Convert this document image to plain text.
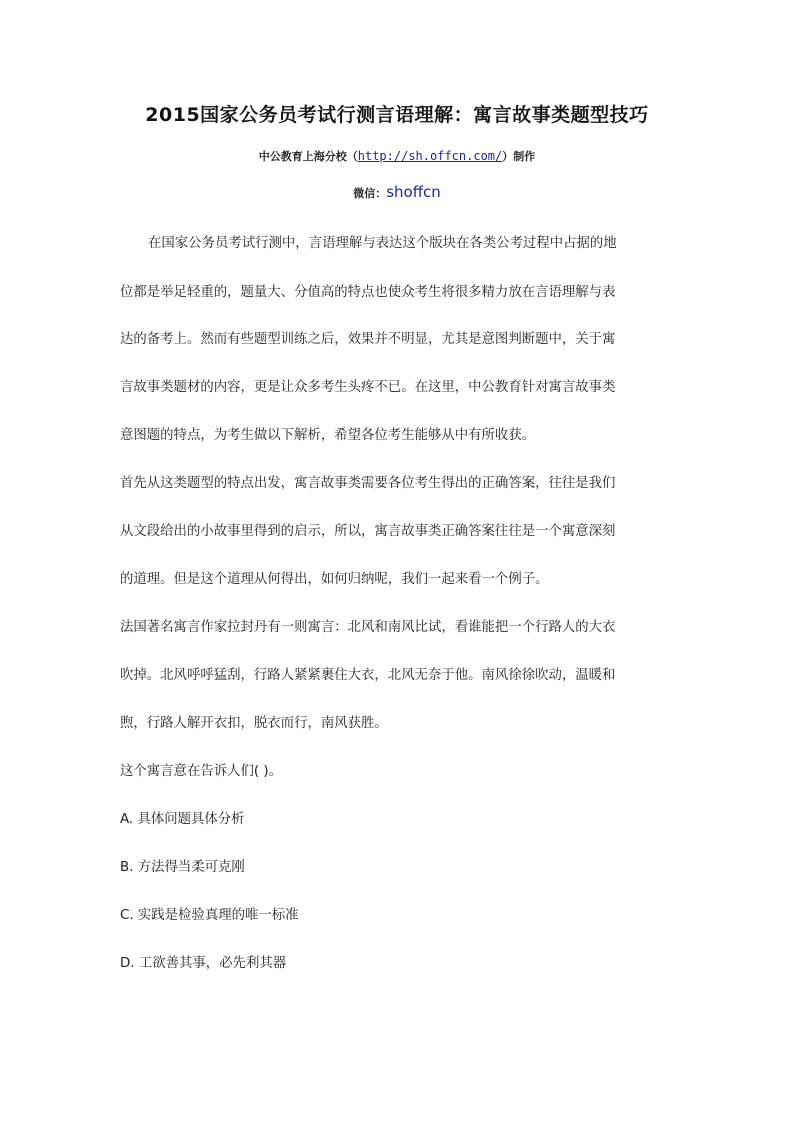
2015国家公务员考试行测言语理解：寓言故事类题型技巧
中公教育上海分校（http://sh.offcn.com/）制作
微信：shoffcn
在国家公务员考试行测中，言语理解与表达这个版块在各类公考过程中占据的地
位都是举足轻重的，题量大、分值高的特点也使众考生将很多精力放在言语理解与表
达的备考上。然而有些题型训练之后，效果并不明显，尤其是意图判断题中，关于寓
言故事类题材的内容，更是让众多考生头疼不已。在这里，中公教育针对寓言故事类
意图题的特点，为考生做以下解析，希望各位考生能够从中有所收获。
首先从这类题型的特点出发，寓言故事类需要各位考生得出的正确答案，往往是我们
从文段给出的小故事里得到的启示，所以，寓言故事类正确答案往往是一个寓意深刻
的道理。但是这个道理从何得出，如何归纳呢，我们一起来看一个例子。
法国著名寓言作家拉封丹有一则寓言：北风和南风比试，看谁能把一个行路人的大衣
吹掉。北风呼呼猛刮，行路人紧紧裹住大衣，北风无奈于他。南风徐徐吹动，温暖和
煦，行路人解开衣扣，脱衣而行，南风获胜。
这个寓言意在告诉人们( )。
A. 具体问题具体分析
B. 方法得当柔可克刚
C. 实践是检验真理的唯一标准
D. 工欲善其事，必先利其器
